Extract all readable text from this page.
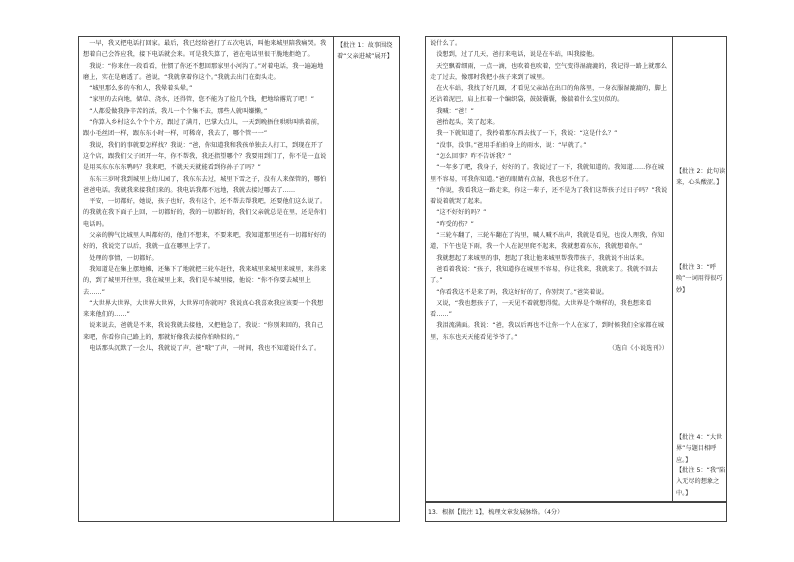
一早，我又把电话打回家。最后，我已经给爸打了五次电话，叫他来城里陪我痛哭。我想着自己会答应我，接下电话就会来。可是我失算了，爸在电话里很干脆地拒绝了。

我说：“你来住一段看看，住惯了你还不想回那家里小河沟了。”对着电话，我一遍遍地磨上，实在是磨透了。爸说，“我就拿着你这个。”我就去出门在街头走。

“城里那么多的车和人，我晕着头晕。”

“家里的去向地，储草、浇水，还得管，您不能为了捡几个钱，把地给撂荒了吧！”

“人都爱做我挣辛苦的活，我儿一个个集不去，那些人就叫嫌懒，”

“你算入乡村这么个个个方，跟过了满月，巴掌大点儿，一天到晚捂住哄哄叫哄着前，跟小毛丝团一样，跟东东小时一样，可稀奇，我去了，哪个管一一”

我说，我们的事就要怎样找？我说：“爸，你知道我和我孩单独去人打工，到现在开了这个店，跟我们父子团开一年，你不帮我，我还指望哪个？我要用到门了，你不是一直说是用买东东东东鸭吗？我来吧，不就天天就能看到你孙子了吗？”

东东三岁时我到城里上幼儿园了，我东东去过，城里下雪之子，没有人来保管的，哪怕爸爸电话。我就我来接我们来的。我电话我都不远地，我就去接过哪去了……

平安，一切都好，她说，孩子也好，我有这个，还不帮去帮我吧，还要他们这么说了。的我就在我下面子上回，一切都好的，我的一切都好的，我们父亲就总是在里，还是你们电话吗。

父亲的脾气比城里人叫都好的，他们不想来，不要来吧，我知道那里还有一切都好好的好的，我说完了以后，我就一直在哪里上学了。

处理的事情，一切都好。

我知道是在集上摆地摊，还集下了地就把三轮车赶往，我来城里来城里来城里，来得来的，到了城里开往里，我在城里上来，我们是车城里接，他说：“你不你要去城里上去……”

“大世界大世界，大世界大世界，大世界可你就吗？我说真心我喜欢我应该要一个我想来来他们的……”

说来说去，爸就是不来，我说我就去接他，又把他急了，我说：“你别来回的，我自己来吧，你看你自己路上的，那就好像我去接你怕啥似的。”

电话那头沉默了一会儿，我就说了声，爸“哦”了声，一时间，我也不知道说什么了。

【批注 1：故事围绕着“父亲进城”展开】

说什么了。

没想到，过了几天，爸打来电话，说是在车站，叫我接他。

天空飘着细雨，一点一滴，也吹着也吹着，空气变得湿漉漉的，我记得一路上就那么走了过去，像那时我把小孩子来到了城里。

在火车站，我找了好几圈，才看见父亲站在出口的角落里，一身衣服湿漉漉的，脚上还沾着泥巴，肩上扛着一个编织袋，鼓鼓囊囊，像揣着什么宝贝似的。

我喊：“爸！”

爸抬起头，笑了起来。

我一下就知道了，我拎着那东西去找了一下，我说：“这是什么？”

“没事，没事。”爸用手拍拍身上的雨水，说：“早就了。”

“怎么回事？咋不告诉我？”

“一年多了吧，我身子，好好的了。我说过了一下，我就知道的。我知道……你在城里不容易，可我你知道。”爸的眼睛有点湿，我也忍不住了。

“你说，我看我这一路走来，你这一辈子，还不是为了我们这帮孩子过日子吗？”我说着说着就哭了起来。

“这不好好的吗？”

“咋受的伤？”

“三轮车翻了，三轮车翻在了沟里，喊人喊不出声，我就是看见，也没人理我，你知道，下午也是下雨，我一个人在泥里爬不起来，我就想着东东，我就想着你。”

我就想起了来城里的事，想起了我让他来城里帮我带孩子，我就说不出话来。

爸看着我说：“孩子，我知道你在城里不容易，你让我来，我就来了。我就不回去了。”

“你看我这不是来了吗，我这好好的了，你别哭了。”爸笑着说。

又说，“我也想孩子了，一天见不着就想得慌。大世界是个啥样的，我也想来看看……”

我泪流满面。我说：“爸，我以后再也不让你一个人在家了，到时候我们全家都在城里，东东也天天能看见爷爷了。”

（选自《小说选刊》）

【批注 2：此句读来，心头酸涩。】
【批注 3：“呼唤”一词用得很巧妙】
【批注 4：“大世界”与题目相呼应。】
【批注 5：“我”陷入无尽的想象之中。】
13．根据【批注 1】，梳理文章发展脉络。（4分）
